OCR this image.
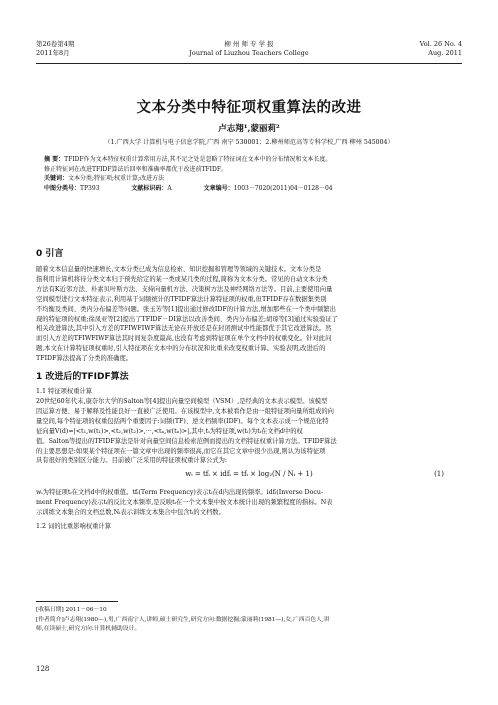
第26卷第4期
2011年8月
柳 州 师 专 学 报
Journal of Liuzhou Teachers College
Vol. 26 No. 4
Aug. 2011
文本分类中特征项权重算法的改进
卢志翔¹,蒙丽莉²
（1.广西大学 计算机与电子信息学院,广西 南宁 530001；2.柳州师范高等专科学校,广西 柳州 545004）
摘 要：TFIDF作为文本特征权重计算常用方法,其不足之处是忽略了特征词在文本中的分布情况和文本长度。
修正特征词在改进TFIDF算法后回率和准确率都优于改进前TFIDF。
关键词：文本分类;特征项;权重计算;改进方法
中图分类号：TP393	文献标识码：A	文章编号：1003－7020(2011)04－0128－04
0 引言
随着文本信息量的快速增长,文本分类已成为信息检索、知识挖掘和管理等领域的关键技术。文本分类是
指利用计算机将待分类文本归于预先给定的某一类或某几类的过程,简称为文本分类。常见的自动文本分类
方法有K近邻方法、朴素贝叶斯方法、支持向量机方法、决策树方法及神经网络方法等。目前,主要使用向量
空间模型进行文本特征表示,利用基于词频统计的TFIDF算法计算特征项的权重,但TFIDF存在数据集类别
不均衡及类间、类内分布偏差等问题。张玉芳等[1]提出通过修改IDF的计算方法,增加那些在一个类中频繁出
现的特征项的权重;徐凤亚等[2]提出了TFIDF－DI算法以改善类间、类内分布偏差;胡琼等[3]通过实验验证了
相关改进算法,其中引入方差的TFIWFIWF算法无论在开放还是在封闭测试中性能都优于其它改进算法。然
而引入方差的TFIWFIWF算法其时间复杂度最高,也没有考虑到特征项在单个文档中的权重变化。针对此问
题,本文在计算特征项权重时,引入特征项在文本中的分布状况和比重来改变权重计算。实验表明,改进后的
TFIDF算法提高了分类的准确度。
1 改进后的TFIDF算法
1.1 特征项权重计算
20世纪60年代末,康奈尔大学的Salton等[4]提出向量空间模型（VSM）,是经典的文本表示模型。该模型
因运算方便、易于解释及性能良好一直被广泛使用。在该模型中,文本被看作是由一组特征项向量所组成的向
量空间,每个特征项的权重包括两个重要因子:词频(TF)、逆文档频率(IDF)。每个文本表示成一个规范化特
征向量V(d)=|<t₁,w(t₁)>,<t₂,w(t₂)>,···,<tₙ,w(tₙ)>|,其中,tᵢ为特征项,w(tᵢ)为tᵢ在文档d中的权
值。Salton等提出的TFIDF算法是针对向量空间信息检索范例而提出的文档特征权重计算方法。TFIDF算法
的主要思想是:如果某个特征项在一篇文章中出现的频率很高,而它在其它文章中很少出现,则认为该特征项
具有很好的类别区分能力。目前被广泛采用的特征项权重计算公式为:
wᵢ = tfᵢ × idfᵢ = tfᵢ × log₂(N / Nᵢ + 1)	(1)
wᵢ为特征项tᵢ在文档d中的权重值。tfᵢ(Term Frequency)表示tᵢ在d内出现的频率。idfᵢ(Inverse Docu-
ment Frequency)表示tᵢ的反比文本频率,是反映tᵢ在一个文本集中按文本统计出现的频繁程度的指标。N表
示训练文本集合的文档总数,Nᵢ表示训练文本集合中包含tᵢ的文档数。
1.2 词的比重影响权重计算
[收稿日期] 2011－06－10
[作者简介]卢志翔(1980—),男,广西南宁人,讲师,硕士研究生,研究方向:数据挖掘;蒙丽莉(1981—),女,广西百色人,讲
师,在读硕士,研究方向:计算机辅助设计。
128
